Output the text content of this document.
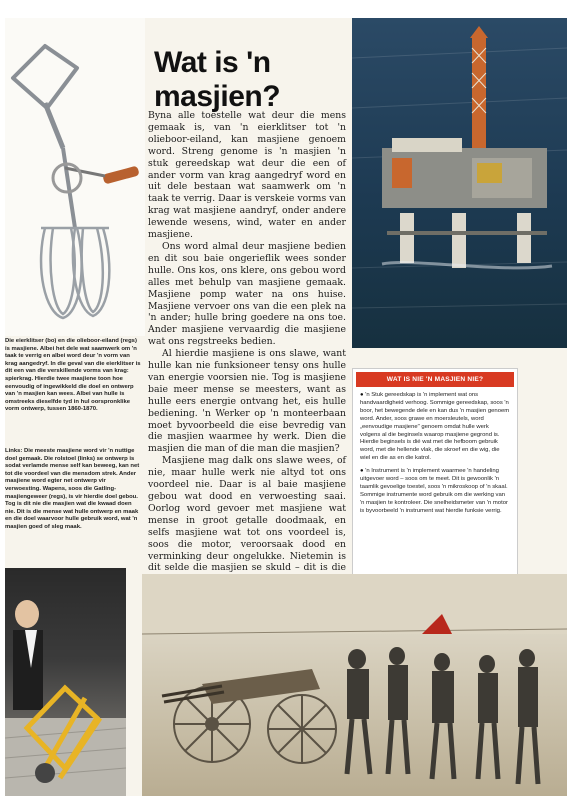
Die eierklitser (bo) en die olieboor-eiland (regs) is masjiene. Albei het dele wat saamwerk om 'n taak te verrig en albei word deur 'n vorm van krag aangedryf. In die geval van die eierklitser is dit een van die verskillende vorms van krag: spierkrag. Hierdie twee masjiene toon hoe eenvoudig of ingewikkeld die doel en ontwerp van 'n masjien kan wees. Albei van hulle is omstreeks dieselfde tyd in hul oorspronklike vorm ontwerp, tussen 1860-1870.

Links: Die meeste masjiene word vir 'n nuttige doel gemaak. Die rolstoel (links) se ontwerp is sodat verlamde mense self kan beweeg, kan net tot die voordeel van die mensdom strek. Ander masjiene word egter net ontwerp vir verwoesting. Wapens, soos die Gatling-masjiengeweer (regs), is vir hierdie doel gebou. Tog is dit nie die masjien wat die kwaad doen nie. Dit is die mense wat hulle ontwerp en maak en die doel waarvoor hulle gebruik word, wat 'n masjien goed of sleg maak.

Wat is 'n
masjien?

Byna alle toestelle wat deur die mens gemaak is, van 'n eierklitser tot 'n olieboor-eiland, kan masjiene genoem word. Streng genome is 'n masjien 'n stuk gereedskap wat deur die een of ander vorm van krag aangedryf word en uit dele bestaan wat saamwerk om 'n taak te verrig. Daar is verskeie vorms van krag wat masjiene aandryf, onder andere lewende wesens, wind, water en ander masjiene.

Ons word almal deur masjiene bedien en dit sou baie ongerieflik wees sonder hulle. Ons kos, ons klere, ons gebou word alles met behulp van masjiene gemaak. Masjiene pomp water na ons huise. Masjiene vervoer ons van die een plek na 'n ander; hulle bring goedere na ons toe. Ander masjiene vervaardig die masjiene wat ons regstreeks bedien.

Al hierdie masjiene is ons slawe, want hulle kan nie funksioneer tensy ons hulle van energie voorsien nie. Tog is masjiene baie meer mense se meesters, want as hulle eers energie ontvang het, eis hulle bediening. 'n Werker op 'n monteerbaan moet byvoorbeeld die eise bevredig van die masjien waarmee hy werk. Dien die masjien die man of die man die masjien?

Masjiene mag dalk ons slawe wees, of nie, maar hulle werk nie altyd tot ons voordeel nie. Daar is al baie masjiene gebou wat dood en verwoesting saai. Oorlog word gevoer met masjiene wat mense in groot getalle doodmaak, en selfs masjiene wat tot ons voordeel is, soos die motor, veroorsaak dood en verminking deur ongelukke. Nietemin is dit selde die masjien se skuld – dit is die

WAT IS NIE 'N MASJIEN NIE?

● 'n Stuk gereedskap is 'n implement wat ons handvaardigheid verhoog. Sommige gereedskap, soos 'n boor, het bewegende dele en kan dus 'n masjien genoem word. Ander, soos grawe en moersleutels, word „eenvoudige masjiene" genoem omdat hulle werk volgens al die beginsels waarop masjiene gegrond is. Hierdie beginsels is dié wat met die hefboom gebruik word, met die hellende vlak, die skroef en die wig, die wiel en die as en die katrol.

● 'n Instrument is 'n implement waarmee 'n handeling uitgevoer word – soos om te meet. Dit is gewoonlik 'n taamlik gevoelige toestel, soos 'n mikroskoop of 'n skaal. Sommige instrumente word gebruik om die werking van 'n masjien te kontroleer. Die snelheidsmeter van 'n motor is byvoorbeeld 'n instrument wat hierdie funksie verrig.
